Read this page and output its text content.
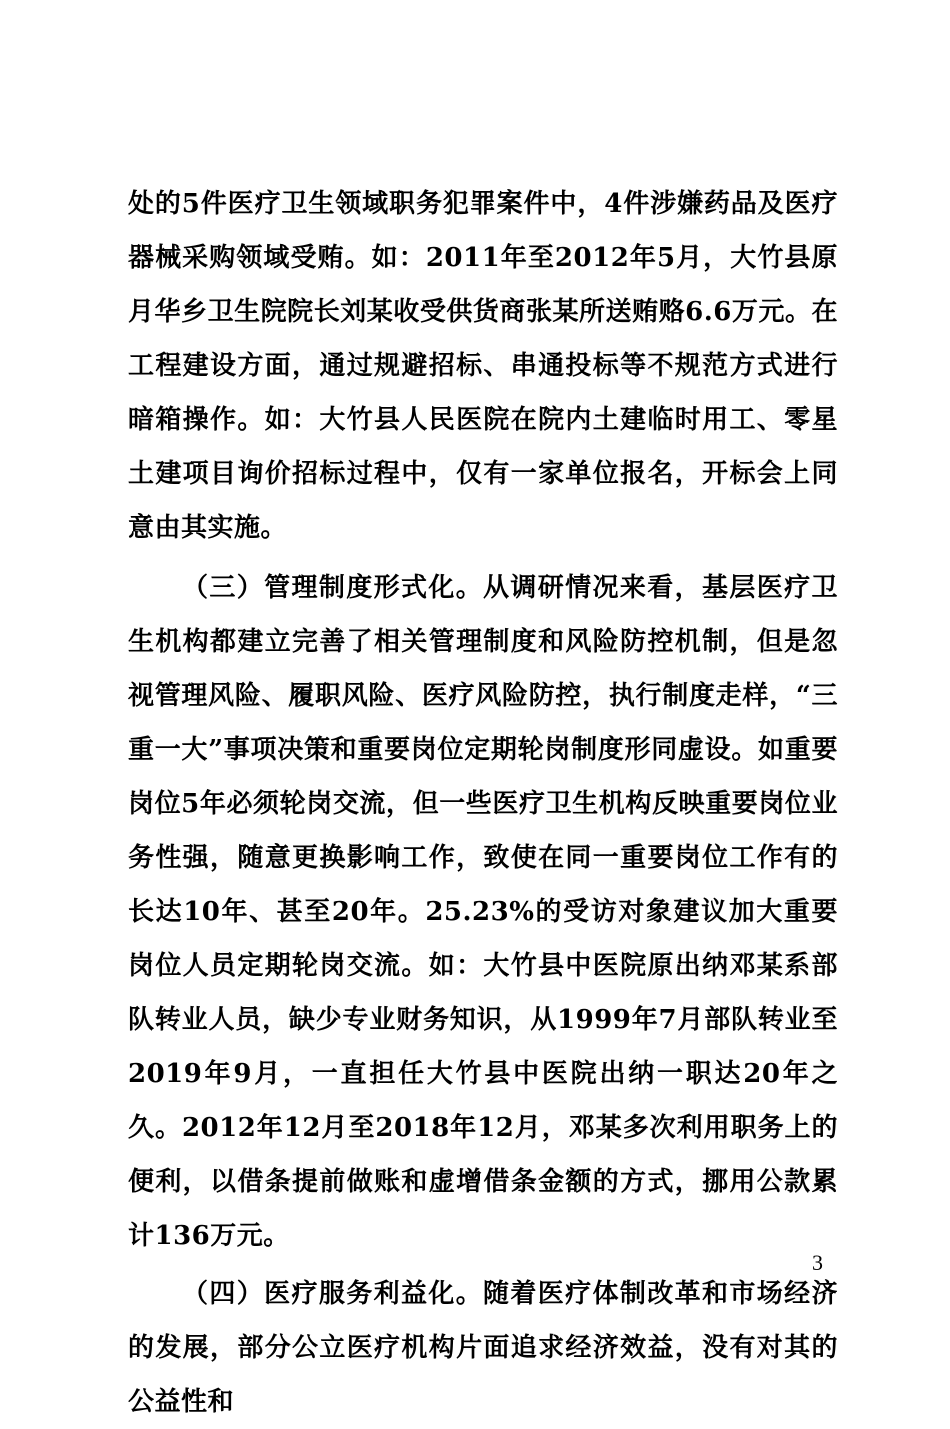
处的5件医疗卫生领域职务犯罪案件中，4件涉嫌药品及医疗器械采购领域受贿。如：2011年至2012年5月，大竹县原月华乡卫生院院长刘某收受供货商张某所送贿赂6.6万元。在工程建设方面，通过规避招标、串通投标等不规范方式进行暗箱操作。如：大竹县人民医院在院内土建临时用工、零星土建项目询价招标过程中，仅有一家单位报名，开标会上同意由其实施。

（三）管理制度形式化。从调研情况来看，基层医疗卫生机构都建立完善了相关管理制度和风险防控机制，但是忽视管理风险、履职风险、医疗风险防控，执行制度走样，“三重一大”事项决策和重要岗位定期轮岗制度形同虚设。如重要岗位5年必须轮岗交流，但一些医疗卫生机构反映重要岗位业务性强，随意更换影响工作，致使在同一重要岗位工作有的长达10年、甚至20年。25.23%的受访对象建议加大重要岗位人员定期轮岗交流。如：大竹县中医院原出纳邓某系部队转业人员，缺少专业财务知识，从1999年7月部队转业至2019年9月，一直担任大竹县中医院出纳一职达20年之久。2012年12月至2018年12月，邓某多次利用职务上的便利，以借条提前做账和虚增借条金额的方式，挪用公款累计136万元。

（四）医疗服务利益化。随着医疗体制改革和市场经济的发展，部分公立医疗机构片面追求经济效益，没有对其的公益性和

3
